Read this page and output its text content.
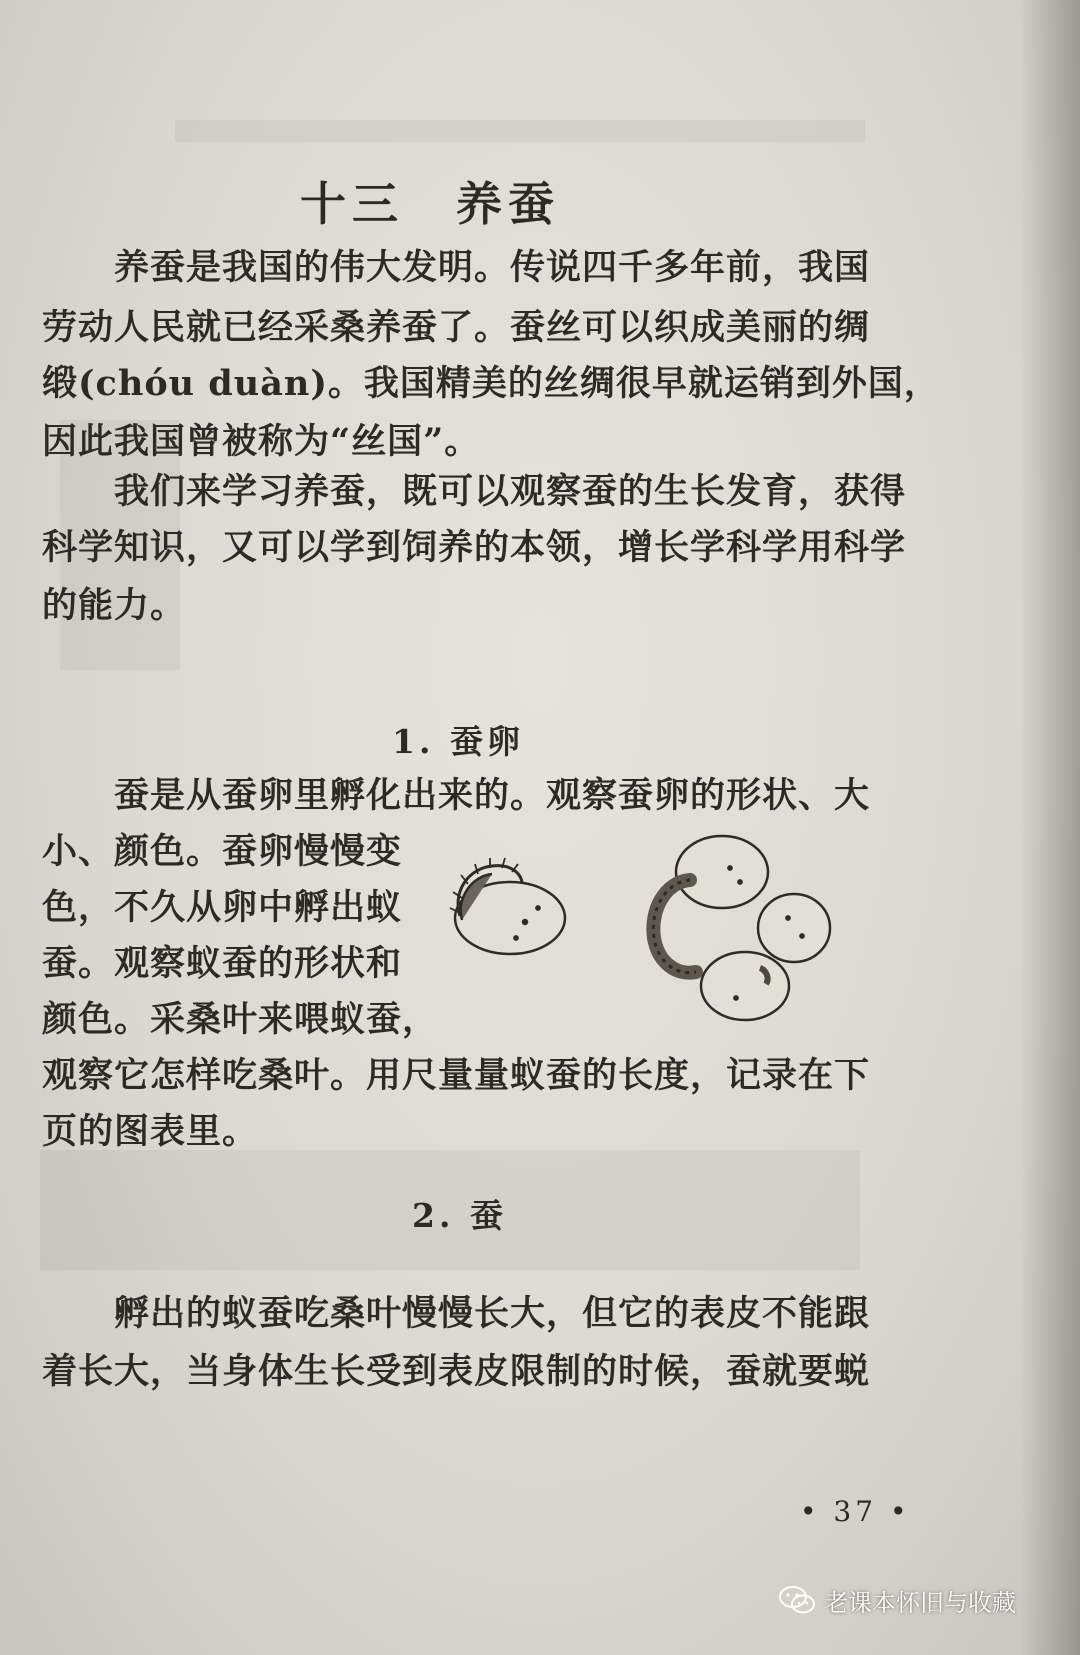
十三　养蚕
　　养蚕是我国的伟大发明。传说四千多年前，我国
劳动人民就已经采桑养蚕了。蚕丝可以织成美丽的绸
缎(chóu duàn)。我国精美的丝绸很早就运销到外国，
因此我国曾被称为“丝国”。
　　我们来学习养蚕，既可以观察蚕的生长发育，获得
科学知识，又可以学到饲养的本领，增长学科学用科学
的能力。
1. 蚕卵
　　蚕是从蚕卵里孵化出来的。观察蚕卵的形状、大
小、颜色。蚕卵慢慢变
色，不久从卵中孵出蚁
蚕。观察蚁蚕的形状和
颜色。采桑叶来喂蚁蚕，
观察它怎样吃桑叶。用尺量量蚁蚕的长度，记录在下
页的图表里。
2. 蚕
　　孵出的蚁蚕吃桑叶慢慢长大，但它的表皮不能跟
着长大，当身体生长受到表皮限制的时候，蚕就要蜕
• 37 •
老课本怀旧与收藏
